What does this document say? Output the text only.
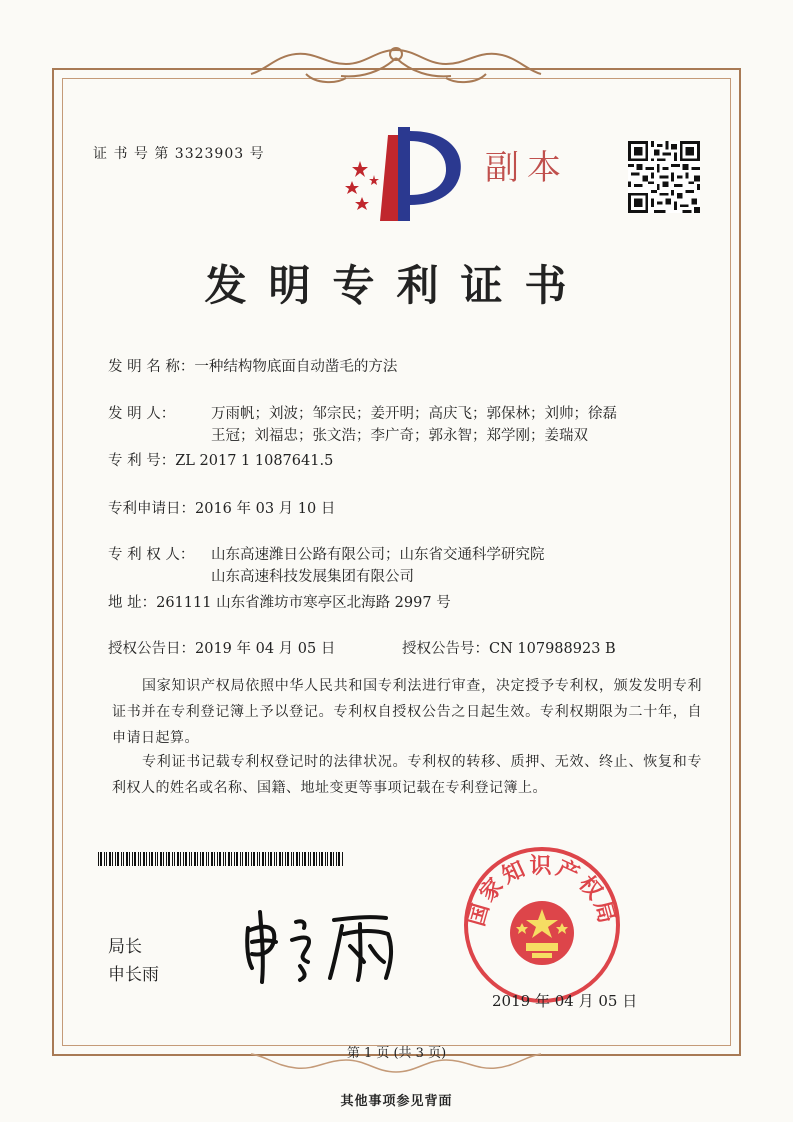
证 书 号 第 3323903 号	副本
发明专利证书
发 明 名 称：一种结构物底面自动凿毛的方法
发 明 人： 万雨帆；刘波；邹宗民；姜开明；高庆飞；郭保林；刘帅；徐磊
王冠；刘福忠；张文浩；李广奇；郭永智；郑学刚；姜瑞双
专 利 号：ZL 2017 1 1087641.5
专利申请日：2016 年 03 月 10 日
专 利 权 人： 山东高速潍日公路有限公司；山东省交通科学研究院
山东高速科技发展集团有限公司
地 址：261111 山东省潍坊市寒亭区北海路 2997 号
授权公告日：2019 年 04 月 05 日	授权公告号：CN 107988923 B
国家知识产权局依照中华人民共和国专利法进行审查，决定授予专利权，颁发发明专利证书并在专利登记簿上予以登记。专利权自授权公告之日起生效。专利权期限为二十年，自申请日起算。
专利证书记载专利权登记时的法律状况。专利权的转移、质押、无效、终止、恢复和专利权人的姓名或名称、国籍、地址变更等事项记载在专利登记簿上。
局长
申长雨
国家知识产权局
2019 年 04 月 05 日
第 1 页 (共 3 页)
其他事项参见背面
